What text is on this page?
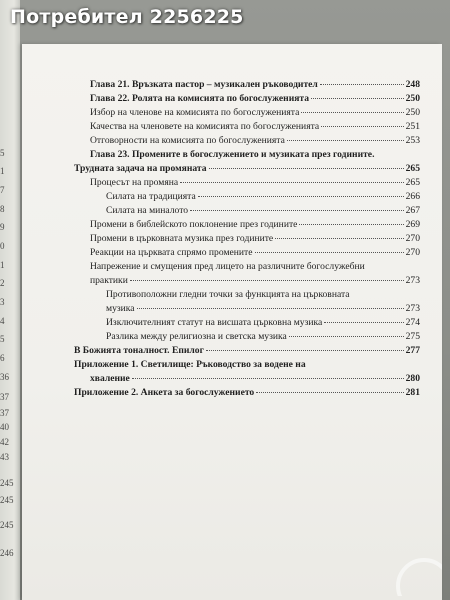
5
1
7
8
9
0
1
2
3
4
5
6
36
37
37
40
42
43
245
245
245
246
Глава 21. Връзката пастор – музикален ръководител	248
Глава 22. Ролята на комисията по богослуженията	250
Избор на членове на комисията по богослуженията	250
Качества на членовете на комисията по богослуженията	251
Отговорности на комисията по богослуженията	253
Глава 23. Промените в богослужението и музиката през годините.
Трудната задача на промяната	265
Процесът на промяна	265
Силата на традицията	266
Силата на миналото	267
Промени в библейското поклонение през годините	269
Промени в църковната музика през годините	270
Реакции на църквата спрямо промените	270
Напрежение и смущения пред лицето на различните богослужебни
практики	273
Противоположни гледни точки за функцията на църковната
музика	273
Изключителният статут на висшата църковна музика	274
Разлика между религиозна и светска музика	275
В Божията тоналност. Епилог	277
Приложение 1. Светилище: Ръководство за водене на
хваление	280
Приложение 2. Анкета за богослужението	281
Потребител 2256225
